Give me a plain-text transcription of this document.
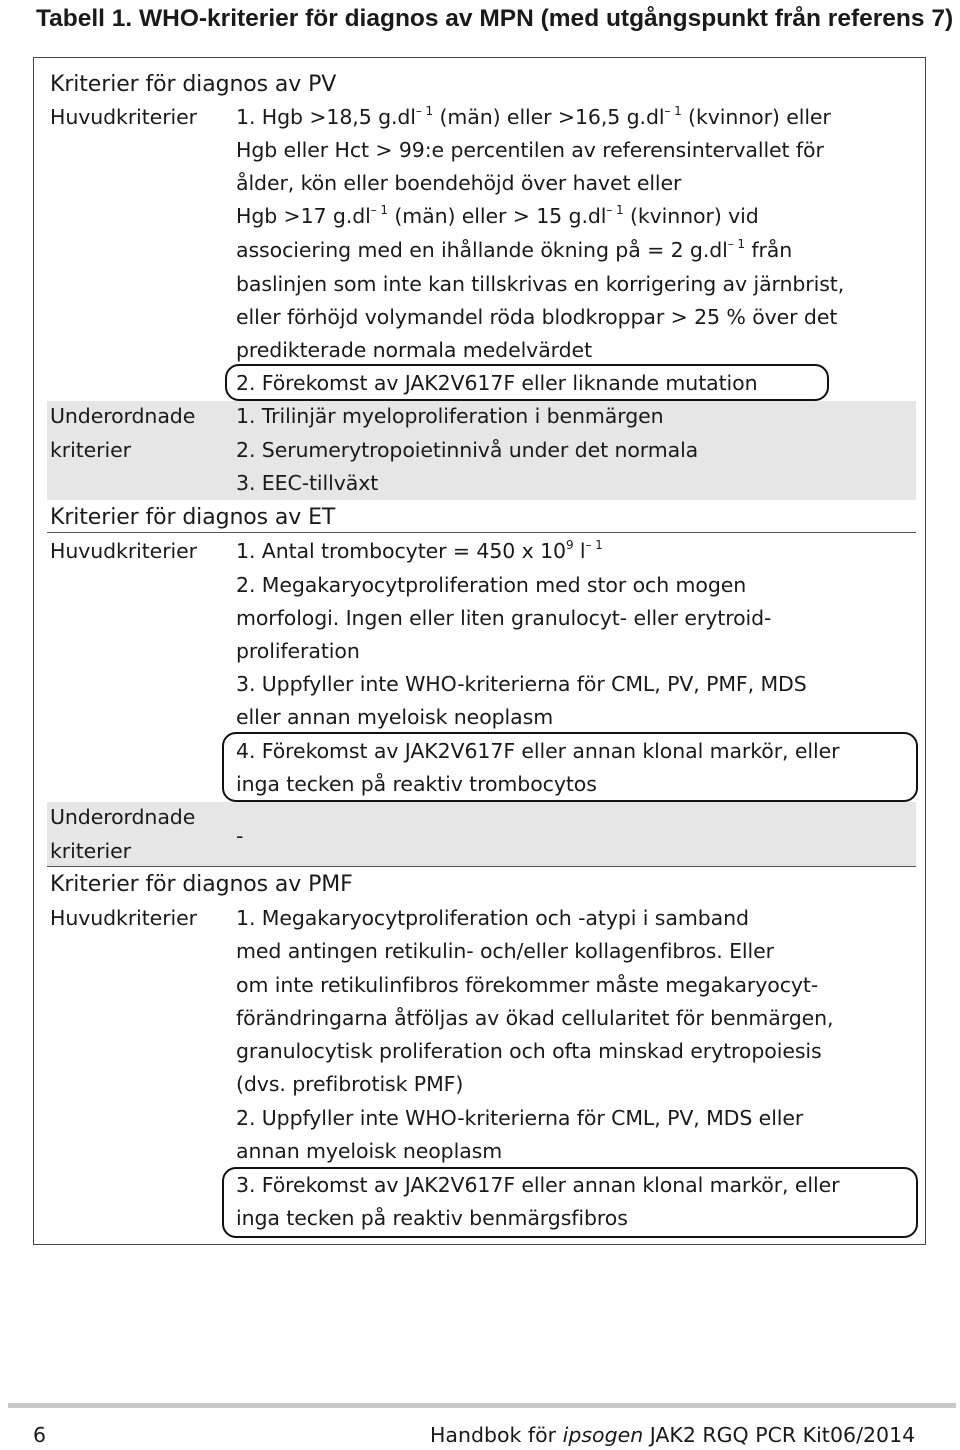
Tabell 1. WHO-kriterier för diagnos av MPN (med utgångspunkt från referens 7)
Kriterier för diagnos av PV
Huvudkriterier 1. Hgb >18,5 $g.dl^{- 1}$ (män) eller >16,5 $g.dl^{- 1}$ (kvinnor) eller
Hgb eller Hct > 99:e percentilen av referensintervallet för
ålder, kön eller boendehöjd över havet eller
Hgb >17 $g.dl^{- 1}$ (män) eller > 15 $g.dl^{- 1}$ (kvinnor) vid
associering med en ihållande ökning på = 2 $g.dl^{- 1}$ från
baslinjen som inte kan tillskrivas en korrigering av järnbrist,
eller förhöjd volymandel röda blodkroppar > 25 % över det
predikterade normala medelvärdet
2. Förekomst av JAK2V617F eller liknande mutation
Underordnade
kriterier
1. Trilinjär myeloproliferation i benmärgen
2. Serumerytropoietinnivå under det normala
3. EEC-tillväxt
Kriterier för diagnos av ET
Huvudkriterier 1. Antal trombocyter = 450 x $10^9$ $l^{- 1}$
2. Megakaryocytproliferation med stor och mogen
morfologi. Ingen eller liten granulocyt- eller erytroid-
proliferation
3. Uppfyller inte WHO-kriterierna för CML, PV, PMF, MDS
eller annan myeloisk neoplasm
4. Förekomst av JAK2V617F eller annan klonal markör, eller
inga tecken på reaktiv trombocytos
Underordnade
kriterier
-
Kriterier för diagnos av PMF
Huvudkriterier 1. Megakaryocytproliferation och -atypi i samband
med antingen retikulin- och/eller kollagenfibros. Eller
om inte retikulinfibros förekommer måste megakaryocyt-
förändringarna åtföljas av ökad cellularitet för benmärgen,
granulocytisk proliferation och ofta minskad erytropoiesis
(dvs. prefibrotisk PMF)
2. Uppfyller inte WHO-kriterierna för CML, PV, MDS eller
annan myeloisk neoplasm
3. Förekomst av JAK2V617F eller annan klonal markör, eller
inga tecken på reaktiv benmärgsfibros
6	Handbok för ipsogen JAK2 RGQ PCR Kit 06/2014
